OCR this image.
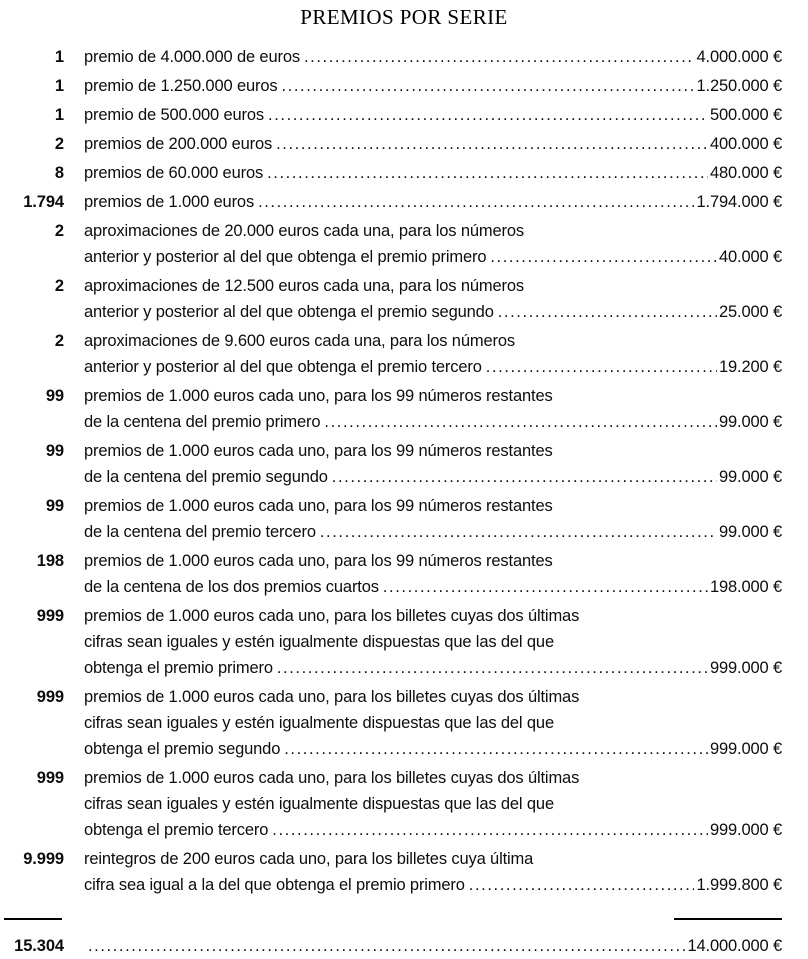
PREMIOS POR SERIE
1 premio de 4.000.000 de euros .....	4.000.000 €
1 premio de 1.250.000 euros .....	1.250.000 €
1 premio de 500.000 euros .....	500.000 €
2 premios de 200.000 euros .....	400.000 €
8 premios de 60.000 euros .....	480.000 €
1.794 premios de 1.000 euros .....	1.794.000 €
2 aproximaciones de 20.000 euros cada una, para los números
anterior y posterior al del que obtenga el premio primero .....	40.000 €
2 aproximaciones de 12.500 euros cada una, para los números
anterior y posterior al del que obtenga el premio segundo .....	25.000 €
2 aproximaciones de 9.600 euros cada una, para los números
anterior y posterior al del que obtenga el premio tercero .....	19.200 €
99 premios de 1.000 euros cada uno, para los 99 números restantes
de la centena del premio primero .....	99.000 €
99 premios de 1.000 euros cada uno, para los 99 números restantes
de la centena del premio segundo .....	99.000 €
99 premios de 1.000 euros cada uno, para los 99 números restantes
de la centena del premio tercero .....	99.000 €
198 premios de 1.000 euros cada uno, para los 99 números restantes
de la centena de los dos premios cuartos .....	198.000 €
999 premios de 1.000 euros cada uno, para los billetes cuyas dos últimas
cifras sean iguales y estén igualmente dispuestas que las del que
obtenga el premio primero .....	999.000 €
999 premios de 1.000 euros cada uno, para los billetes cuyas dos últimas
cifras sean iguales y estén igualmente dispuestas que las del que
obtenga el premio segundo .....	999.000 €
999 premios de 1.000 euros cada uno, para los billetes cuyas dos últimas
cifras sean iguales y estén igualmente dispuestas que las del que
obtenga el premio tercero .....	999.000 €
9.999 reintegros de 200 euros cada uno, para los billetes cuya última
cifra sea igual a la del que obtenga el premio primero .....	1.999.800 €
15.304 .....	14.000.000 €
